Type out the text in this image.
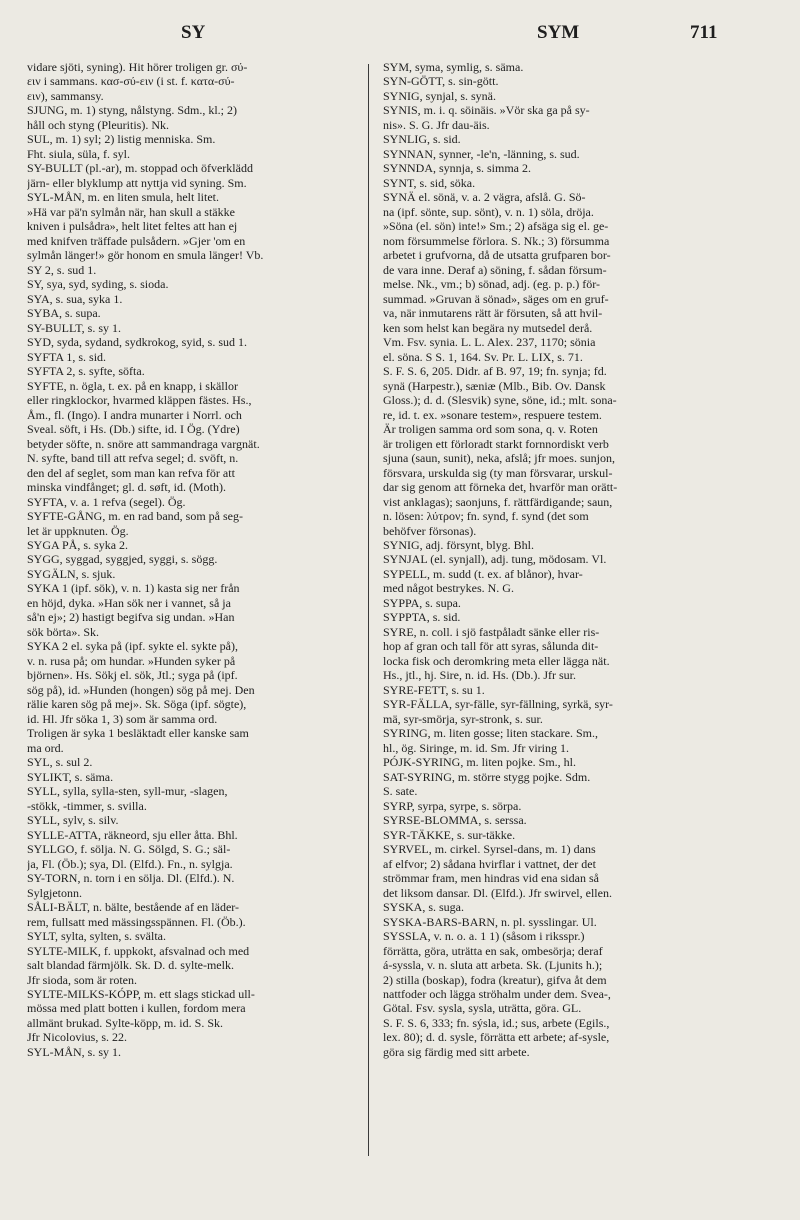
SY	SYM	711
vidare sjöti, syning). Hit hörer troligen gr. σύ-
ειν i sammans. κασ-σύ-ειν (i st. f. κατα-σύ-
ειν), sammansy.
SJUNG, m. 1) styng, nålstyng. Sdm., kl.; 2)
håll och styng (Pleuritis). Nk.
SUL, m. 1) syl; 2) listig menniska. Sm.
Fht. siula, süla, f. syl.
SY-BULLT (pl.-ar), m. stoppad och öfverklädd
järn- eller blyklump att nyttja vid syning. Sm.
SYL-MÅN, m. en liten smula, helt litet.
»Hä var pä'n sylmån när, han skull a stäkke
kniven i pulsådra», helt litet feltes att han ej
med knifven träffade pulsådern. »Gjer 'om en
sylmån länger!» gör honom en smula länger! Vb.
SY 2, s. sud 1.
SY, sya, syd, syding, s. sioda.
SYA, s. sua, syka 1.
SYBA, s. supa.
SY-BULLT, s. sy 1.
SYD, syda, sydand, sydkrokog, syid, s. sud 1.
SYFTA 1, s. sid.
SYFTA 2, s. syfte, söfta.
SYFTE, n. ögla, t. ex. på en knapp, i skällor
eller ringklockor, hvarmed kläppen fästes. Hs.,
Åm., fl. (Ingo). I andra munarter i Norrl. och
Sveal. söft, i Hs. (Db.) sifte, id. I Ög. (Ydre)
betyder söfte, n. snöre att sammandraga vargnät.
N. syfte, band till att refva segel; d. svöft, n.
den del af seglet, som man kan refva för att
minska vindfånget; gl. d. søft, id. (Moth).
SYFTA, v. a. 1 refva (segel). Ög.
SYFTE-GÅNG, m. en rad band, som på seg-
let är uppknuten. Ög.
SYGA PÅ, s. syka 2.
SYGG, syggad, syggjed, syggi, s. sögg.
SYGÄLN, s. sjuk.
SYKA 1 (ipf. sök), v. n. 1) kasta sig ner från
en höjd, dyka. »Han sök ner i vannet, så ja
så'n ej»; 2) hastigt begifva sig undan. »Han
sök börta». Sk.
SYKA 2 el. syka på (ipf. sykte el. sykte på),
v. n. rusa på; om hundar. »Hunden syker på
björnen». Hs. Sökj el. sök, Jtl.; syga på (ipf.
sög på), id. »Hunden (hongen) sög på mej. Den
rälie karen sög på mej». Sk. Söga (ipf. sögte),
id. Hl. Jfr söka 1, 3) som är samma ord.
Troligen är syka 1 besläktadt eller kanske sam
ma ord.
SYL, s. sul 2.
SYLIKT, s. säma.
SYLL, sylla, sylla-sten, syll-mur, -slagen,
-stökk, -timmer, s. svilla.
SYLL, sylv, s. silv.
SYLLE-ATTA, räkneord, sju eller åtta. Bhl.
SYLLGO, f. sölja. N. G. Sölgd, S. G.; säl-
ja, Fl. (Öb.); sya, Dl. (Elfd.). Fn., n. sylgja.
SY-TORN, n. torn i en sölja. Dl. (Elfd.). N.
Sylgjetonn.
SÅLI-BÄLT, n. bälte, bestående af en läder-
rem, fullsatt med mässingsspännen. Fl. (Öb.).
SYLT, sylta, sylten, s. svälta.
SYLTE-MILK, f. uppkokt, afsvalnad och med
salt blandad färmjölk. Sk. D. d. sylte-melk.
Jfr sioda, som är roten.
SYLTE-MILKS-KÓPP, m. ett slags stickad ull-
mössa med platt botten i kullen, fordom mera
allmänt brukad. Sylte-köpp, m. id. S. Sk.
Jfr Nicolovius, s. 22.
SYL-MÅN, s. sy 1.
SYM, syma, symlig, s. säma.
SYN-GÖTT, s. sin-gött.
SYNIG, synjal, s. synä.
SYNIS, m. i. q. söinäis. »Vör ska ga på sy-
nis». S. G. Jfr dau-äis.
SYNLIG, s. sid.
SYNNAN, synner, -le'n, -länning, s. sud.
SYNNDA, synnja, s. simma 2.
SYNT, s. sid, söka.
SYNÄ el. sönä, v. a. 2 vägra, afslå. G. Sö-
na (ipf. sönte, sup. sönt), v. n. 1) söla, dröja.
»Söna (el. sön) inte!» Sm.; 2) afsäga sig el. ge-
nom försummelse förlora. S. Nk.; 3) försumma
arbetet i grufvorna, då de utsatta grufparen bor-
de vara inne. Deraf a) söning, f. sådan försum-
melse. Nk., vm.; b) sönad, adj. (eg. p. p.) för-
summad. »Gruvan ä sönad», säges om en gruf-
va, när inmutarens rätt är försuten, så att hvil-
ken som helst kan begära ny mutsedel derå.
Vm. Fsv. synia. L. L. Alex. 237, 1170; sönia
el. söna. S S. 1, 164. Sv. Pr. L. LIX, s. 71.
S. F. S. 6, 205. Didr. af B. 97, 19; fn. synja; fd.
synä (Harpestr.), sæniæ (Mlb., Bib. Ov. Dansk
Gloss.); d. d. (Slesvik) syne, söne, id.; mlt. sona-
re, id. t. ex. »sonare testem», respuere testem.
Är troligen samma ord som sona, q. v. Roten
är troligen ett förloradt starkt fornnordiskt verb
sjuna (saun, sunit), neka, afslå; jfr moes. sunjon,
försvara, urskulda sig (ty man försvarar, urskul-
dar sig genom att förneka det, hvarför man orätt-
vist anklagas); saonjuns, f. rättfärdigande; saun,
n. lösen: λύτρον; fn. synd, f. synd (det som
behöfver försonas).
SYNIG, adj. försynt, blyg. Bhl.
SYNJAL (el. synjall), adj. tung, mödosam. Vl.
SYPELL, m. sudd (t. ex. af blånor), hvar-
med något bestrykes. N. G.
SYPPA, s. supa.
SYPPTA, s. sid.
SYRE, n. coll. i sjö fastpåladt sänke eller ris-
hop af gran och tall för att syras, sålunda dit-
locka fisk och deromkring meta eller lägga nät.
Hs., jtl., hj. Sire, n. id. Hs. (Db.). Jfr sur.
SYRE-FETT, s. su 1.
SYR-FÄLLA, syr-fälle, syr-fällning, syrkä, syr-
mä, syr-smörja, syr-stronk, s. sur.
SYRING, m. liten gosse; liten stackare. Sm.,
hl., ög. Siringe, m. id. Sm. Jfr viring 1.
PÓJK-SYRING, m. liten pojke. Sm., hl.
SAT-SYRING, m. större stygg pojke. Sdm.
S. sate.
SYRP, syrpa, syrpe, s. sörpa.
SYRSE-BLOMMA, s. serssa.
SYR-TÄKKE, s. sur-täkke.
SYRVEL, m. cirkel. Syrsel-dans, m. 1) dans
af elfvor; 2) sådana hvirflar i vattnet, der det
strömmar fram, men hindras vid ena sidan så
det liksom dansar. Dl. (Elfd.). Jfr swirvel, ellen.
SYSKA, s. suga.
SYSKA-BARS-BARN, n. pl. sysslingar. Ul.
SYSSLA, v. n. o. a. 1 1) (såsom i riksspr.)
förrätta, göra, uträtta en sak, ombesörja; deraf
á-syssla, v. n. sluta att arbeta. Sk. (Ljunits h.);
2) stilla (boskap), fodra (kreatur), gifva åt dem
nattfoder och lägga ströhalm under dem. Svea-,
Götal. Fsv. sysla, sysla, uträtta, göra. GL.
S. F. S. 6, 333; fn. sýsla, id.; sus, arbete (Egils.,
lex. 80); d. d. sysle, förrätta ett arbete; af-sysle,
göra sig färdig med sitt arbete.
